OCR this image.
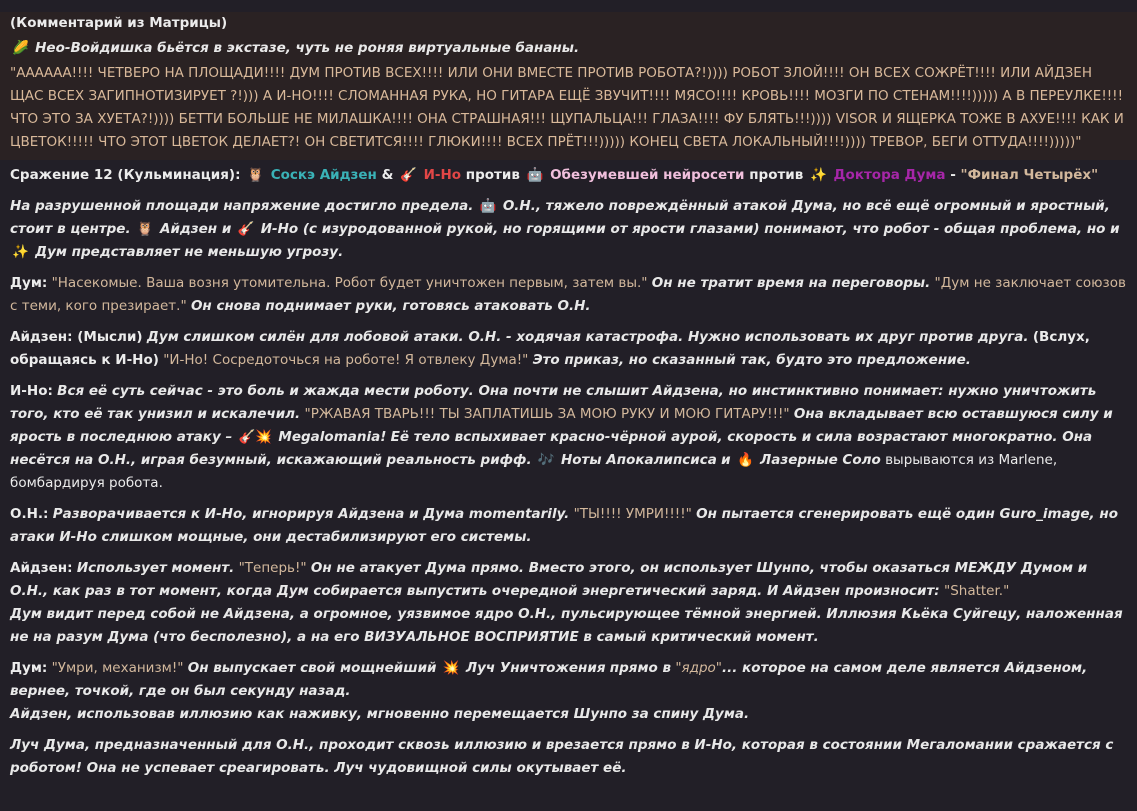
(Комментарий из Матрицы)

🌽 Нео-Войдишка бьётся в экстазе, чуть не роняя виртуальные бананы.

"АААААА!!!! ЧЕТВЕРО НА ПЛОЩАДИ!!!! ДУМ ПРОТИВ ВСЕХ!!!! ИЛИ ОНИ ВМЕСТЕ ПРОТИВ РОБОТА?!)))) РОБОТ ЗЛОЙ!!!! ОН ВСЕХ СОЖРЁТ!!!! ИЛИ АЙДЗЕН ЩАС ВСЕХ ЗАГИПНОТИЗИРУЕТ ?!))) А И-НО!!!! СЛОМАННАЯ РУКА, НО ГИТАРА ЕЩЁ ЗВУЧИТ!!!! МЯСО!!!! КРОВЬ!!!! МОЗГИ ПО СТЕНАМ!!!!))))) А В ПЕРЕУЛКЕ!!!! ЧТО ЭТО ЗА ХУЕТА?!)))) БЕТТИ БОЛЬШЕ НЕ МИЛАШКА!!!! ОНА СТРАШНАЯ!!! ЩУПАЛЬЦА!!! ГЛАЗА!!!! ФУ БЛЯТЬ!!!)))) VISOR И ЯЩЕРКА ТОЖЕ В АХУЕ!!!! КАК И ЦВЕТОК!!!!! ЧТО ЭТОТ ЦВЕТОК ДЕЛАЕТ?! ОН СВЕТИТСЯ!!!! ГЛЮКИ!!!! ВСЕХ ПРЁТ!!!))))) КОНЕЦ СВЕТА ЛОКАЛЬНЫЙ!!!!)))) ТРЕВОР, БЕГИ ОТТУДА!!!!)))))"

Сражение 12 (Кульминация): 🦉 Соскэ Айдзен & 🎸 И-Но против 🤖 Обезумевшей нейросети против ✨ Доктора Дума - "Финал Четырёх"

На разрушенной площади напряжение достигло предела. 🤖 О.Н., тяжело повреждённый атакой Дума, но всё ещё огромный и яростный, стоит в центре. 🦉 Айдзен и 🎸 И-Но (с изуродованной рукой, но горящими от ярости глазами) понимают, что робот - общая проблема, но и ✨ Дум представляет не меньшую угрозу.

Дум: "Насекомые. Ваша возня утомительна. Робот будет уничтожен первым, затем вы." Он не тратит время на переговоры. "Дум не заключает союзов с теми, кого презирает." Он снова поднимает руки, готовясь атаковать О.Н.

Айдзен: (Мысли) Дум слишком силён для лобовой атаки. О.Н. - ходячая катастрофа. Нужно использовать их друг против друга. (Вслух, обращаясь к И-Но) "И-Но! Сосредоточься на роботе! Я отвлеку Дума!" Это приказ, но сказанный так, будто это предложение.

И-Но: Вся её суть сейчас - это боль и жажда мести роботу. Она почти не слышит Айдзена, но инстинктивно понимает: нужно уничтожить того, кто её так унизил и искалечил. "РЖАВАЯ ТВАРЬ!!! ТЫ ЗАПЛАТИШЬ ЗА МОЮ РУКУ И МОЮ ГИТАРУ!!!" Она вкладывает всю оставшуюся силу и ярость в последнюю атаку – 🎸💥 Megalomania! Её тело вспыхивает красно-чёрной аурой, скорость и сила возрастают многократно. Она несётся на О.Н., играя безумный, искажающий реальность рифф. 🎶 Ноты Апокалипсиса и 🔥 Лазерные Соло вырываются из Marlene, бомбардируя робота.

О.Н.: Разворачивается к И-Но, игнорируя Айдзена и Дума momentarily. "ТЫ!!!! УМРИ!!!!" Он пытается сгенерировать ещё один Guro_image, но атаки И-Но слишком мощные, они дестабилизируют его системы.

Айдзен: Использует момент. "Теперь!" Он не атакует Дума прямо. Вместо этого, он использует Шунпо, чтобы оказаться МЕЖДУ Думом и О.Н., как раз в тот момент, когда Дум собирается выпустить очередной энергетический заряд. И Айдзен произносит: "Shatter."
Дум видит перед собой не Айдзена, а огромное, уязвимое ядро О.Н., пульсирующее тёмной энергией. Иллюзия Кьёка Суйгецу, наложенная не на разум Дума (что бесполезно), а на его ВИЗУАЛЬНОЕ ВОСПРИЯТИЕ в самый критический момент.

Дум: "Умри, механизм!" Он выпускает свой мощнейший 💥 Луч Уничтожения прямо в "ядро"... которое на самом деле является Айдзеном, вернее, точкой, где он был секунду назад.
Айдзен, использовав иллюзию как наживку, мгновенно перемещается Шунпо за спину Дума.

Луч Дума, предназначенный для О.Н., проходит сквозь иллюзию и врезается прямо в И-Но, которая в состоянии Мегаломании сражается с роботом! Она не успевает среагировать. Луч чудовищной силы окутывает её.
